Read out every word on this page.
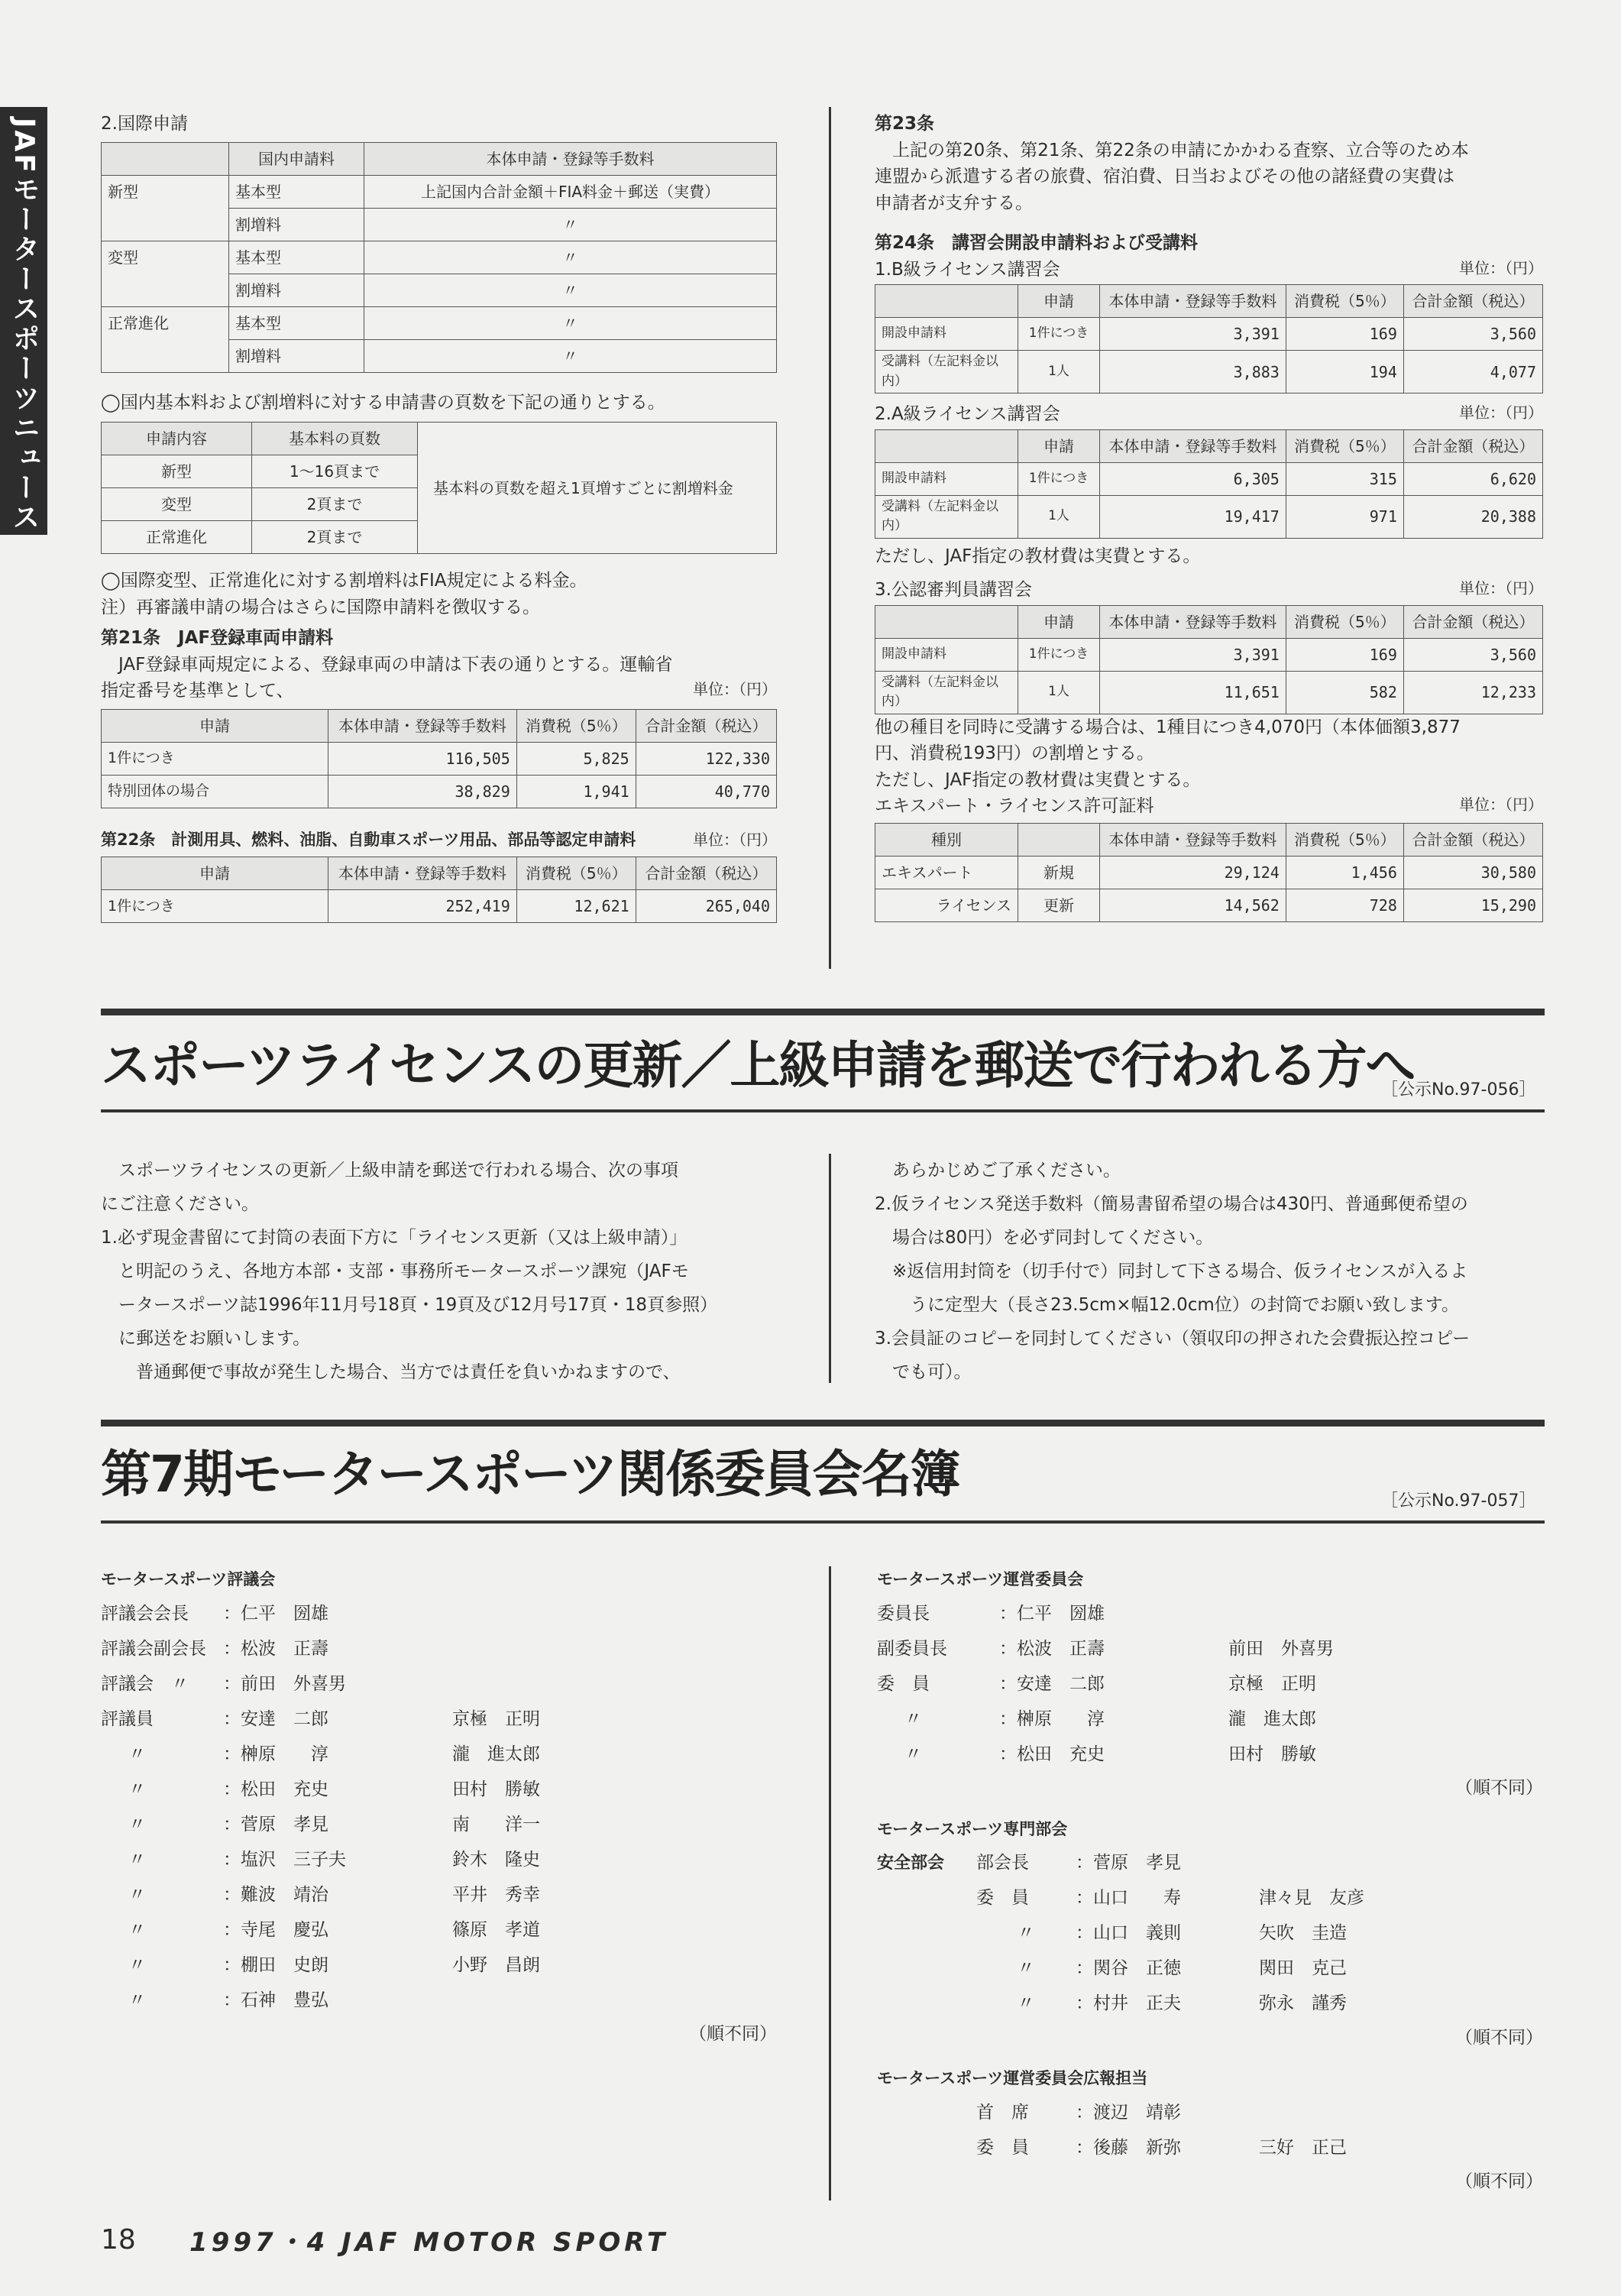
JAFモータースポーツニュース	2.国際申請

	国内申請料	本体申請・登録等手数料
新型	基本型	上記国内合計金額＋FIA料金＋郵送（実費）
	割増料	〃
変型	基本型	〃
	割増料	〃
正常進化	基本型	〃
	割増料	〃

◯国内基本料および割増料に対する申請書の頁数を下記の通りとする。

申請内容	基本料の頁数	基本料の頁数を超え1頁増すごとに割増料金
新型	1〜16頁まで	
変型	2頁まで	
正常進化	2頁まで	

◯国際変型、正常進化に対する割増料はFIA規定による料金。

注）再審議申請の場合はさらに国際申請料を徴収する。

第21条　JAF登録車両申請料

JAF登録車両規定による、登録車両の申請は下表の通りとする。運輸省

指定番号を基準として、	単位：（円）

申請	本体申請・登録等手数料	消費税（5％）	合計金額（税込）
1件につき	116,505	5,825	122,330
特別団体の場合	38,829	1,941	40,770

第22条　計測用具、燃料、油脂、自動車スポーツ用品、部品等認定申請料	単位：（円）

申請	本体申請・登録等手数料	消費税（5％）	合計金額（税込）
1件につき	252,419	12,621	265,040

第23条

上記の第20条、第21条、第22条の申請にかかわる査察、立合等のため本

連盟から派遣する者の旅費、宿泊費、日当およびその他の諸経費の実費は

申請者が支弁する。

第24条　講習会開設申請料および受講料

1.B級ライセンス講習会	単位：（円）

	申請	本体申請・登録等手数料	消費税（5％）	合計金額（税込）
開設申請料	1件につき	3,391	169	3,560
受講料（左記料金以内）	1人	3,883	194	4,077

2.A級ライセンス講習会	単位：（円）

	申請	本体申請・登録等手数料	消費税（5％）	合計金額（税込）
開設申請料	1件につき	6,305	315	6,620
受講料（左記料金以内）	1人	19,417	971	20,388

ただし、JAF指定の教材費は実費とする。

3.公認審判員講習会	単位：（円）

	申請	本体申請・登録等手数料	消費税（5％）	合計金額（税込）
開設申請料	1件につき	3,391	169	3,560
受講料（左記料金以内）	1人	11,651	582	12,233

他の種目を同時に受講する場合は、1種目につき4,070円（本体価額3,877

円、消費税193円）の割増とする。

ただし、JAF指定の教材費は実費とする。

エキスパート・ライセンス許可証料	単位：（円）

種別		本体申請・登録等手数料	消費税（5％）	合計金額（税込）
エキスパート	新規	29,124	1,456	30,580
ライセンス	更新	14,562	728	15,290
スポーツライセンスの更新／上級申請を郵送で行われる方へ
［公示No.97-056］

スポーツライセンスの更新／上級申請を郵送で行われる場合、次の事項

にご注意ください。

1.必ず現金書留にて封筒の表面下方に「ライセンス更新（又は上級申請）」

と明記のうえ、各地方本部・支部・事務所モータースポーツ課宛（JAFモ

ータースポーツ誌1996年11月号18頁・19頁及び12月号17頁・18頁参照）

に郵送をお願いします。

普通郵便で事故が発生した場合、当方では責任を負いかねますので、

あらかじめご了承ください。

2.仮ライセンス発送手数料（簡易書留希望の場合は430円、普通郵便希望の

場合は80円）を必ず同封してください。

※返信用封筒を（切手付で）同封して下さる場合、仮ライセンスが入るよ

うに定型大（長さ23.5cm×幅12.0cm位）の封筒でお願い致します。

3.会員証のコピーを同封してください（領収印の押された会費振込控コピー

でも可）。

第7期モータースポーツ関係委員会名簿	［公示No.97-057］

モータースポーツ評議会

評議会会長	：仁平　圀雄
評議会副会長 ：松波　正壽
評議会　〃	：前田　外喜男
評議員	：安達　二郎	京極　正明
〃	：榊原　　淳	瀧　進太郎
〃	：松田　充史	田村　勝敏
〃	：菅原　孝見	南　　洋一
〃	：塩沢　三子夫	鈴木　隆史
〃	：難波　靖治	平井　秀幸
〃	：寺尾　慶弘	篠原　孝道
〃	：棚田　史朗	小野　昌朗
〃	：石神　豊弘

（順不同）

モータースポーツ運営委員会

委員長	：仁平　圀雄
副委員長	：松波　正壽	前田　外喜男
委　員	：安達　二郎	京極　正明
〃	：榊原　　淳	瀧　進太郎
〃	：松田　充史	田村　勝敏

（順不同）

モータースポーツ専門部会

安全部会	部会長	：菅原　孝見
委　員	：山口　　寿	津々見　友彦
〃	：山口　義則	矢吹　圭造
〃	：関谷　正徳	関田　克己
〃	：村井　正夫	弥永　謹秀

（順不同）

モータースポーツ運営委員会広報担当

首　席	：渡辺　靖彰
委　員	：後藤　新弥	三好　正己

（順不同）

18 1997・4 JAF MOTOR SPORT
